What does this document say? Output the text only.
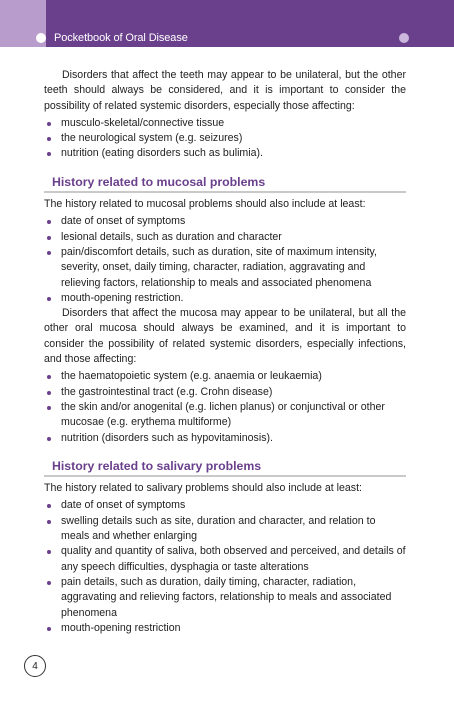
Pocketbook of Oral Disease

Disorders that affect the teeth may appear to be unilateral, but the other teeth should always be considered, and it is important to consider the possibility of related systemic disorders, especially those affecting:

musculo-skeletal/connective tissue
the neurological system (e.g. seizures)
nutrition (eating disorders such as bulimia).
History related to mucosal problems

The history related to mucosal problems should also include at least:

date of onset of symptoms
lesional details, such as duration and character
pain/discomfort details, such as duration, site of maximum intensity, severity, onset, daily timing, character, radiation, aggravating and relieving factors, relationship to meals and associated phenomena
mouth-opening restriction.

Disorders that affect the mucosa may appear to be unilateral, but all the other oral mucosa should always be examined, and it is important to consider the possibility of related systemic disorders, especially infections, and those affecting:

the haematopoietic system (e.g. anaemia or leukaemia)
the gastrointestinal tract (e.g. Crohn disease)
the skin and/or anogenital (e.g. lichen planus) or conjunctival or other mucosae (e.g. erythema multiforme)
nutrition (disorders such as hypovitaminosis).
History related to salivary problems

The history related to salivary problems should also include at least:

date of onset of symptoms
swelling details such as site, duration and character, and relation to meals and whether enlarging
quality and quantity of saliva, both observed and perceived, and details of any speech difficulties, dysphagia or taste alterations
pain details, such as duration, daily timing, character, radiation, aggravating and relieving factors, relationship to meals and associated phenomena
mouth-opening restriction
4
